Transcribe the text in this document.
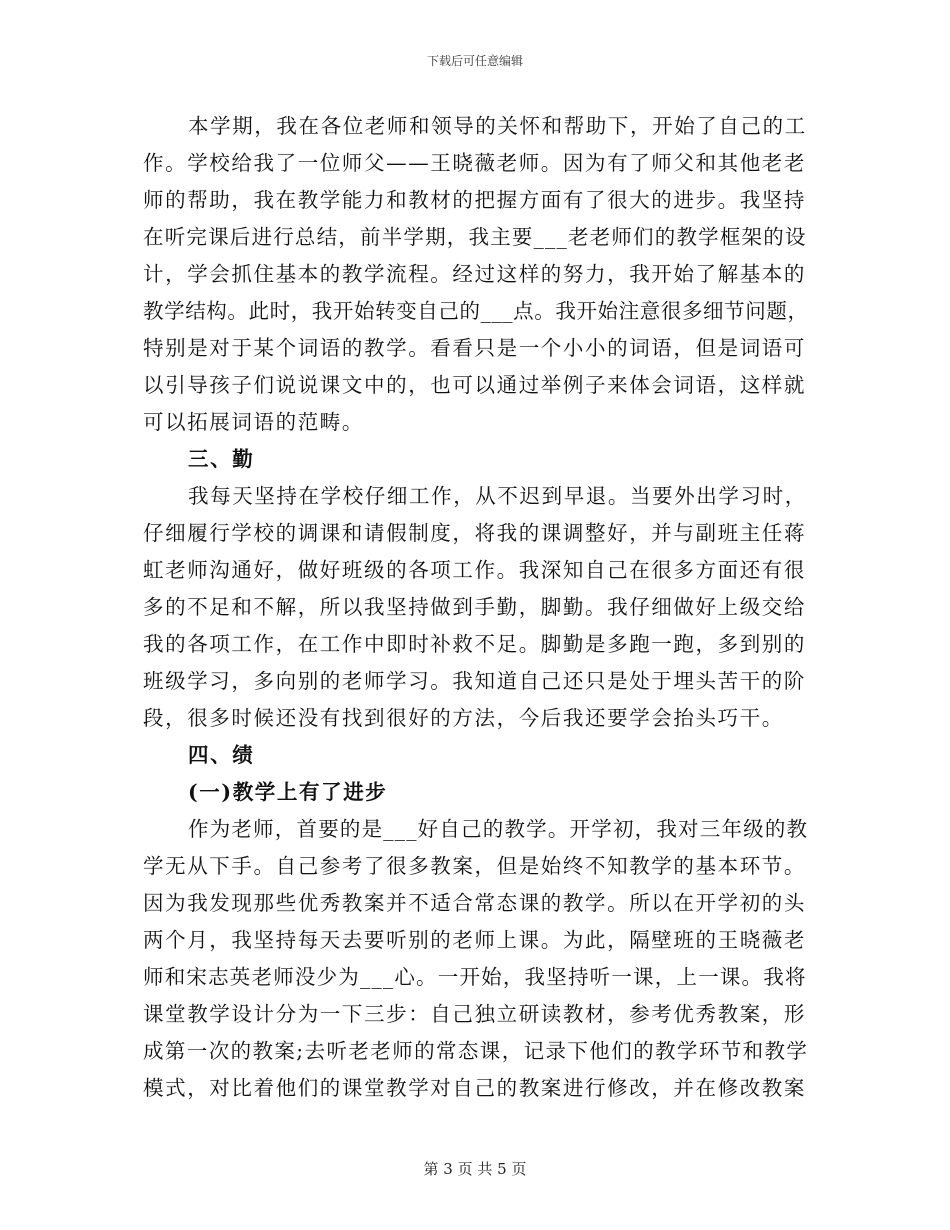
下载后可任意编辑
本学期，我在各位老师和领导的关怀和帮助下，开始了自己的工
作。学校给我了一位师父——王晓薇老师。因为有了师父和其他老老
师的帮助，我在教学能力和教材的把握方面有了很大的进步。我坚持
在听完课后进行总结，前半学期，我主要___老老师们的教学框架的设
计，学会抓住基本的教学流程。经过这样的努力，我开始了解基本的
教学结构。此时，我开始转变自己的___点。我开始注意很多细节问题，
特别是对于某个词语的教学。看看只是一个小小的词语，但是词语可
以引导孩子们说说课文中的，也可以通过举例子来体会词语，这样就
可以拓展词语的范畴。
三、勤
我每天坚持在学校仔细工作，从不迟到早退。当要外出学习时，
仔细履行学校的调课和请假制度，将我的课调整好，并与副班主任蒋
虹老师沟通好，做好班级的各项工作。我深知自己在很多方面还有很
多的不足和不解，所以我坚持做到手勤，脚勤。我仔细做好上级交给
我的各项工作，在工作中即时补救不足。脚勤是多跑一跑，多到别的
班级学习，多向别的老师学习。我知道自己还只是处于埋头苦干的阶
段，很多时候还没有找到很好的方法，今后我还要学会抬头巧干。
四、绩
(一)教学上有了进步
作为老师，首要的是___好自己的教学。开学初，我对三年级的教
学无从下手。自己参考了很多教案，但是始终不知教学的基本环节。
因为我发现那些优秀教案并不适合常态课的教学。所以在开学初的头
两个月，我坚持每天去要听别的老师上课。为此，隔壁班的王晓薇老
师和宋志英老师没少为___心。一开始，我坚持听一课，上一课。我将
课堂教学设计分为一下三步：自己独立研读教材，参考优秀教案，形
成第一次的教案;去听老老师的常态课，记录下他们的教学环节和教学
模式，对比着他们的课堂教学对自己的教案进行修改，并在修改教案
第 3 页 共 5 页
